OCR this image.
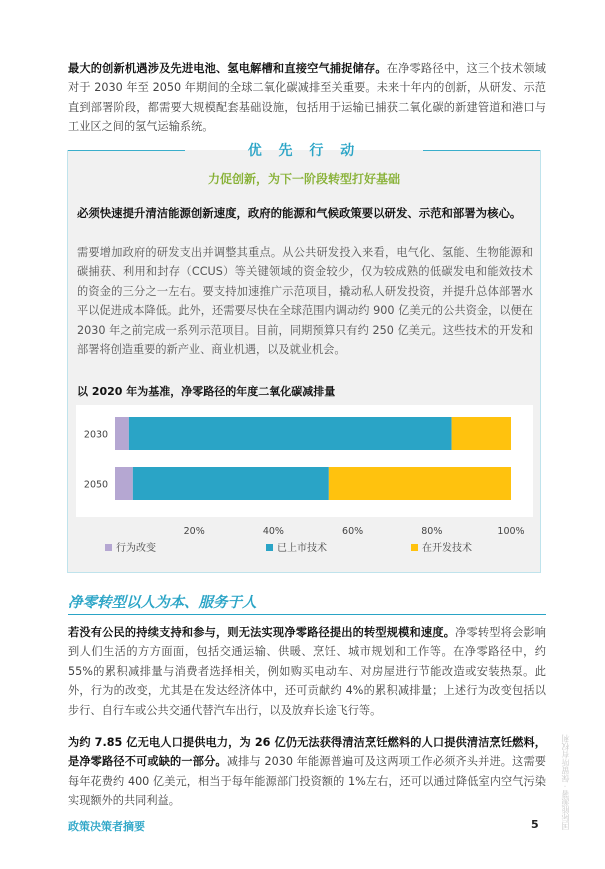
最大的创新机遇涉及先进电池、氢电解槽和直接空气捕捉储存。在净零路径中，这三个技术领域对于 2030 年至 2050 年期间的全球二氧化碳减排至关重要。未来十年内的创新，从研发、示范直到部署阶段，都需要大规模配套基础设施，包括用于运输已捕获二氧化碳的新建管道和港口与工业区之间的氢气运输系统。
优 先 行 动
力促创新，为下一阶段转型打好基础
必须快速提升清洁能源创新速度，政府的能源和气候政策要以研发、示范和部署为核心。
需要增加政府的研发支出并调整其重点。从公共研发投入来看，电气化、氢能、生物能源和碳捕获、利用和封存（CCUS）等关键领域的资金较少，仅为较成熟的低碳发电和能效技术的资金的三分之一左右。要支持加速推广示范项目，撬动私人研发投资，并提升总体部署水平以促进成本降低。此外，还需要尽快在全球范围内调动约 900 亿美元的公共资金，以便在 2030 年之前完成一系列示范项目。目前，同期预算只有约 250 亿美元。这些技术的开发和部署将创造重要的新产业、商业机遇，以及就业机会。
以 2020 年为基准，净零路径的年度二氧化碳减排量
2030
2050
20%	40%	60%	80%	100%
行为改变	已上市技术	在开发技术
净零转型以人为本、服务于人
若没有公民的持续支持和参与，则无法实现净零路径提出的转型规模和速度。净零转型将会影响到人们生活的方方面面，包括交通运输、供暖、烹饪、城市规划和工作等。在净零路径中，约 55%的累积减排量与消费者选择相关，例如购买电动车、对房屋进行节能改造或安装热泵。此外，行为的改变，尤其是在发达经济体中，还可贡献约 4%的累积减排量；上述行为改变包括以步行、自行车或公共交通代替汽车出行，以及放弃长途飞行等。
为约 7.85 亿无电人口提供电力，为 26 亿仍无法获得清洁烹饪燃料的人口提供清洁烹饪燃料，是净零路径不可或缺的一部分。减排与 2030 年能源普遍可及这两项工作必须齐头并进。这需要每年花费约 400 亿美元，相当于每年能源部门投资额的 1%左右，还可以通过降低室内空气污染实现额外的共同利益。	国际能源署 · 保留所有权利
政策决策者摘要	5
